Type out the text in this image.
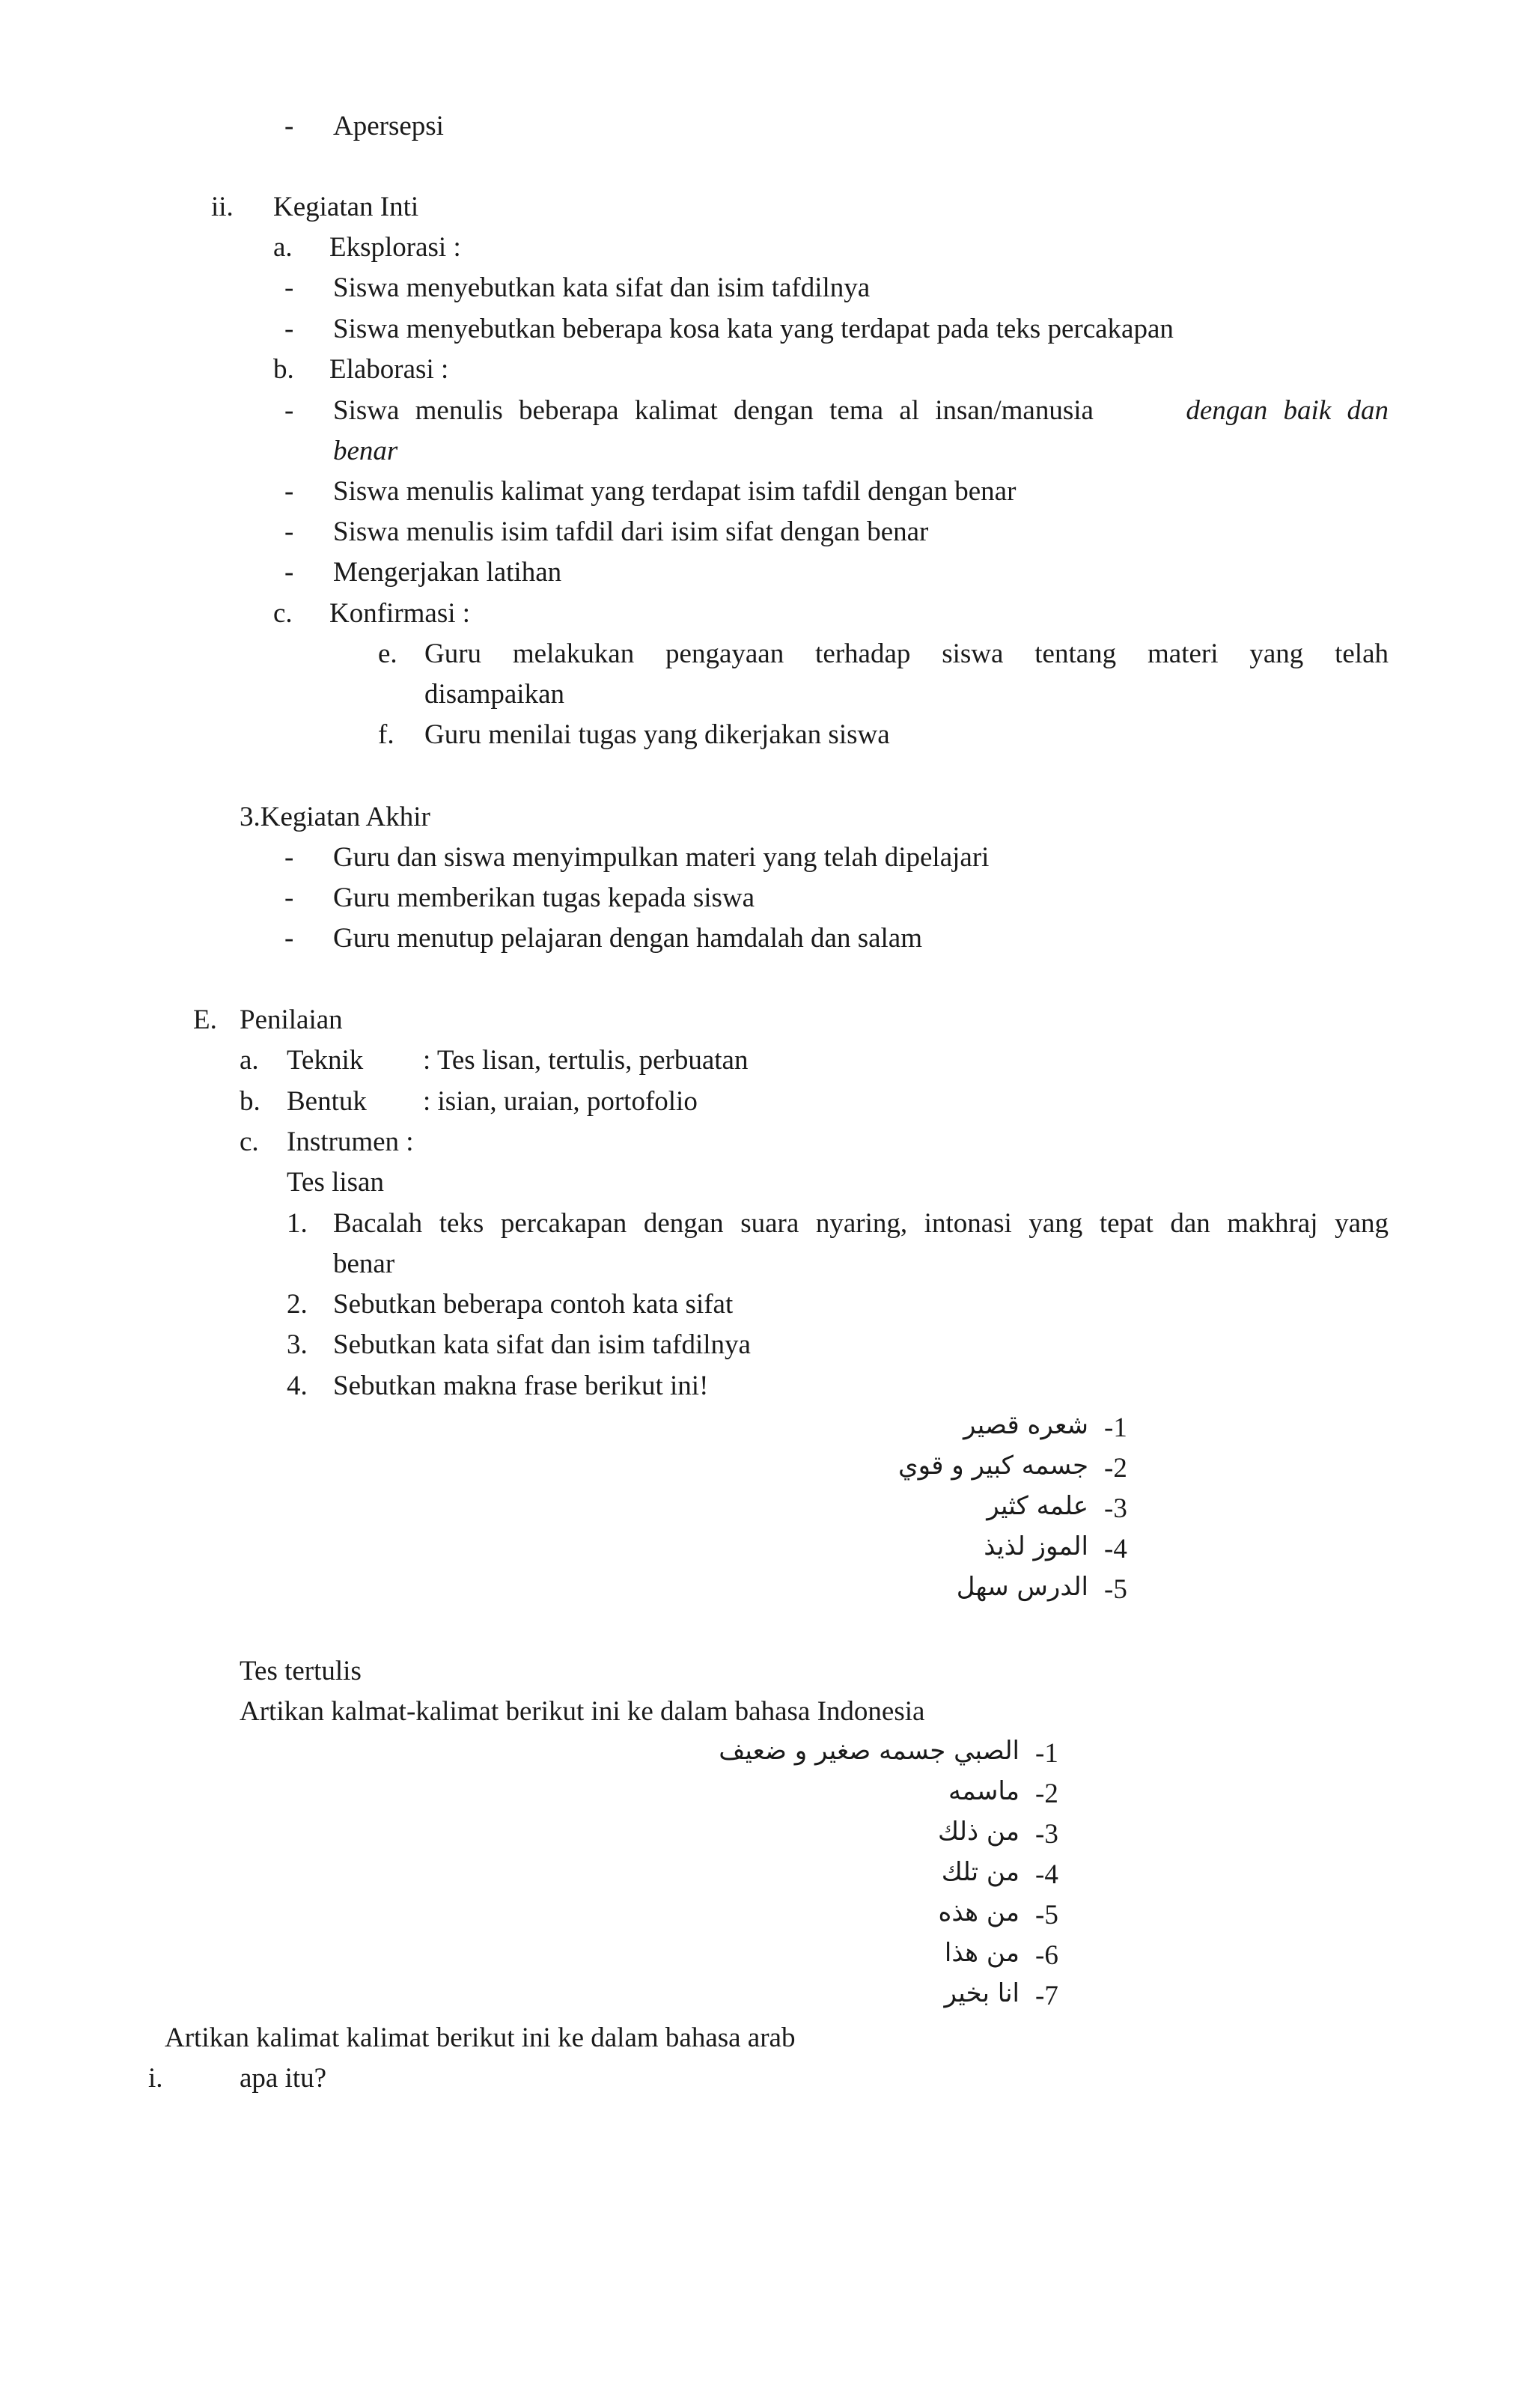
- Apersepsi
ii. Kegiatan Inti
a. Eksplorasi :
- Siswa menyebutkan kata sifat dan isim tafdilnya
- Siswa menyebutkan beberapa kosa kata yang terdapat pada teks percakapan
b. Elaborasi :
- Siswa menulis beberapa kalimat dengan tema al insan/manusia	dengan baik dan
benar
- Siswa menulis kalimat yang terdapat isim tafdil dengan benar
- Siswa menulis isim tafdil dari isim sifat dengan benar
- Mengerjakan latihan
c. Konfirmasi :
e. Guru melakukan pengayaan terhadap siswa tentang materi yang telah
disampaikan
f. Guru menilai tugas yang dikerjakan siswa
3.Kegiatan Akhir
- Guru dan siswa menyimpulkan materi yang telah dipelajari
- Guru memberikan tugas kepada siswa
- Guru menutup pelajaran dengan hamdalah dan salam
E. Penilaian
a. Teknik : Tes lisan, tertulis, perbuatan
b. Bentuk : isian, uraian, portofolio
c. Instrumen :
Tes lisan
1. Bacalah teks percakapan dengan suara nyaring, intonasi yang tepat dan makhraj yang
benar
2. Sebutkan beberapa contoh kata sifat
3. Sebutkan kata sifat dan isim tafdilnya
4. Sebutkan makna frase berikut ini!
شعره قصير -1
جسمه كبير و قوي -2
علمه كثير -3
الموز لذيذ -4
الدرس سهل -5
Tes tertulis
Artikan kalmat-kalimat berikut ini ke dalam bahasa Indonesia
الصبي جسمه صغير و ضعيف -1
ماسمه -2
من ذلك -3
من تلك -4
من هذه -5
من هذا -6
انا بخير -7
Artikan kalimat kalimat berikut ini ke dalam bahasa arab
i.	apa itu?
